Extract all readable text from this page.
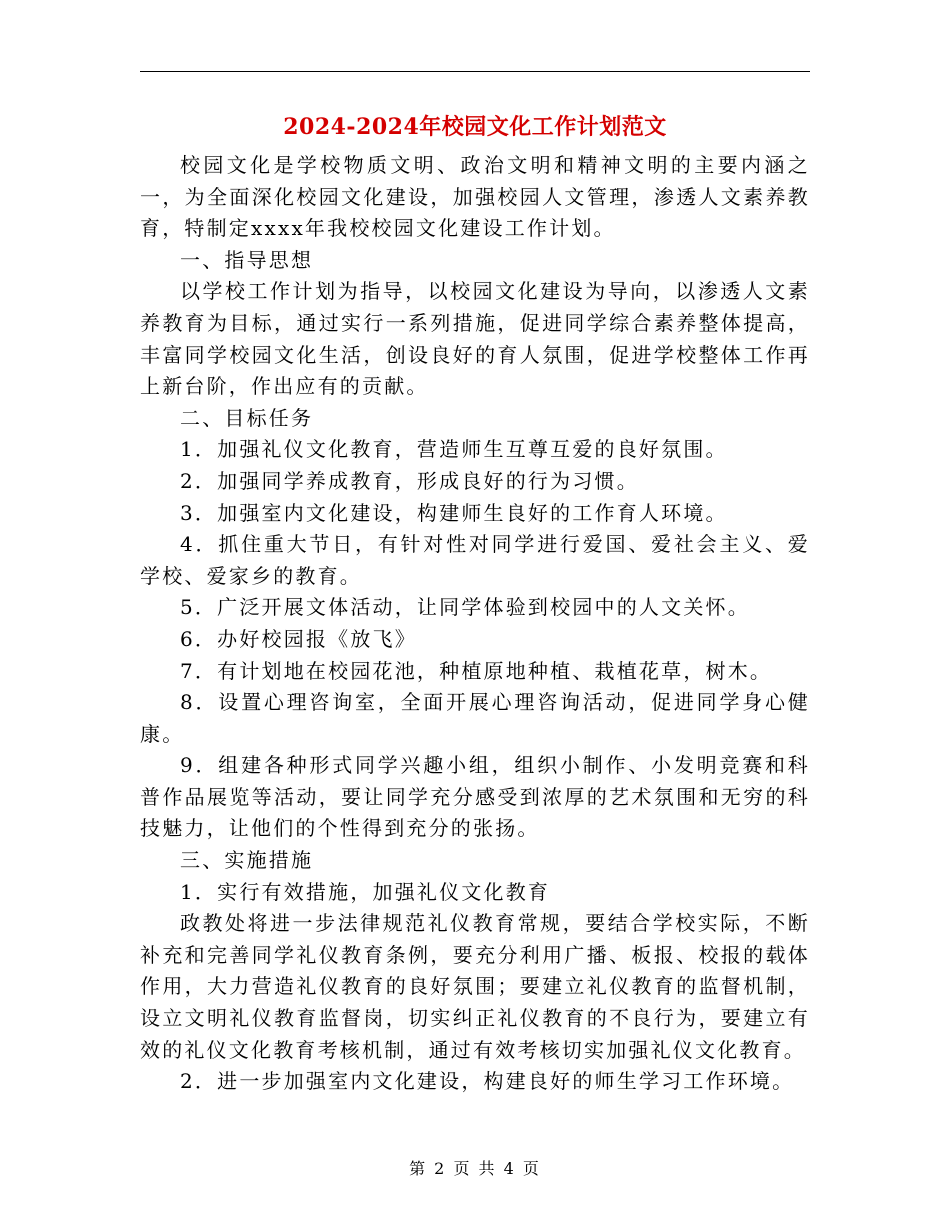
2024-2024年校园文化工作计划范文

校园文化是学校物质文明、政治文明和精神文明的主要内涵之一，为全面深化校园文化建设，加强校园人文管理，渗透人文素养教育，特制定xxxx年我校校园文化建设工作计划。

一、指导思想

以学校工作计划为指导，以校园文化建设为导向，以渗透人文素养教育为目标，通过实行一系列措施，促进同学综合素养整体提高，丰富同学校园文化生活，创设良好的育人氛围，促进学校整体工作再上新台阶，作出应有的贡献。

二、目标任务

1．加强礼仪文化教育，营造师生互尊互爱的良好氛围。

2．加强同学养成教育，形成良好的行为习惯。

3．加强室内文化建设，构建师生良好的工作育人环境。

4．抓住重大节日，有针对性对同学进行爱国、爱社会主义、爱学校、爱家乡的教育。

5．广泛开展文体活动，让同学体验到校园中的人文关怀。

6．办好校园报《放飞》

7．有计划地在校园花池，种植原地种植、栽植花草，树木。

8．设置心理咨询室，全面开展心理咨询活动，促进同学身心健康。

9．组建各种形式同学兴趣小组，组织小制作、小发明竞赛和科普作品展览等活动，要让同学充分感受到浓厚的艺术氛围和无穷的科技魅力，让他们的个性得到充分的张扬。

三、实施措施

1．实行有效措施，加强礼仪文化教育

政教处将进一步法律规范礼仪教育常规，要结合学校实际，不断补充和完善同学礼仪教育条例，要充分利用广播、板报、校报的载体作用，大力营造礼仪教育的良好氛围；要建立礼仪教育的监督机制，设立文明礼仪教育监督岗，切实纠正礼仪教育的不良行为，要建立有效的礼仪文化教育考核机制，通过有效考核切实加强礼仪文化教育。

2．进一步加强室内文化建设，构建良好的师生学习工作环境。

第 2 页 共 4 页
